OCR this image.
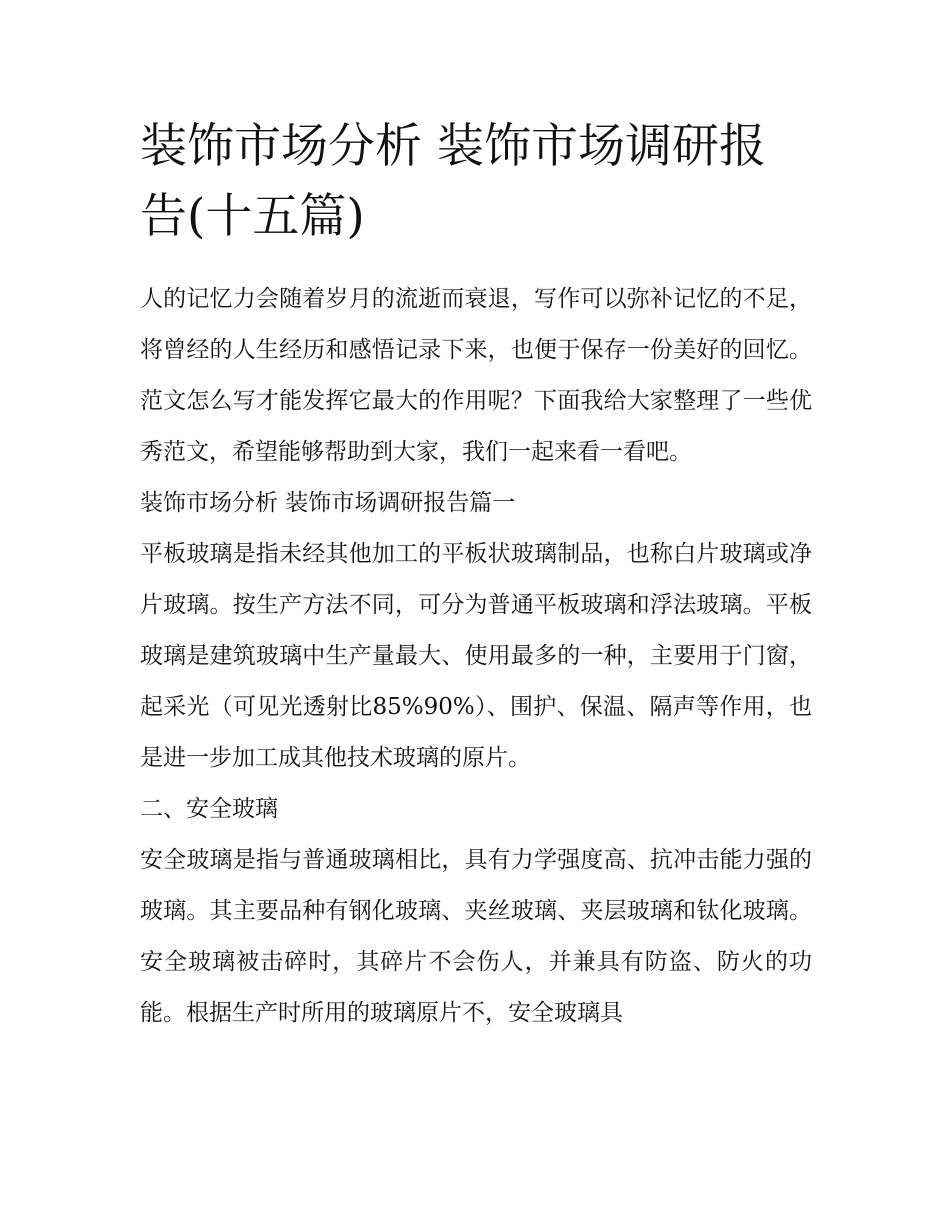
装饰市场分析 装饰市场调研报告(十五篇)

人的记忆力会随着岁月的流逝而衰退，写作可以弥补记忆的不足，将曾经的人生经历和感悟记录下来，也便于保存一份美好的回忆。范文怎么写才能发挥它最大的作用呢？下面我给大家整理了一些优秀范文，希望能够帮助到大家，我们一起来看一看吧。

装饰市场分析 装饰市场调研报告篇一

平板玻璃是指未经其他加工的平板状玻璃制品，也称白片玻璃或净片玻璃。按生产方法不同，可分为普通平板玻璃和浮法玻璃。平板玻璃是建筑玻璃中生产量最大、使用最多的一种，主要用于门窗，起采光（可见光透射比85%90%）、围护、保温、隔声等作用，也是进一步加工成其他技术玻璃的原片。

二、安全玻璃

安全玻璃是指与普通玻璃相比，具有力学强度高、抗冲击能力强的玻璃。其主要品种有钢化玻璃、夹丝玻璃、夹层玻璃和钛化玻璃。安全玻璃被击碎时，其碎片不会伤人，并兼具有防盗、防火的功能。根据生产时所用的玻璃原片不，安全玻璃具
